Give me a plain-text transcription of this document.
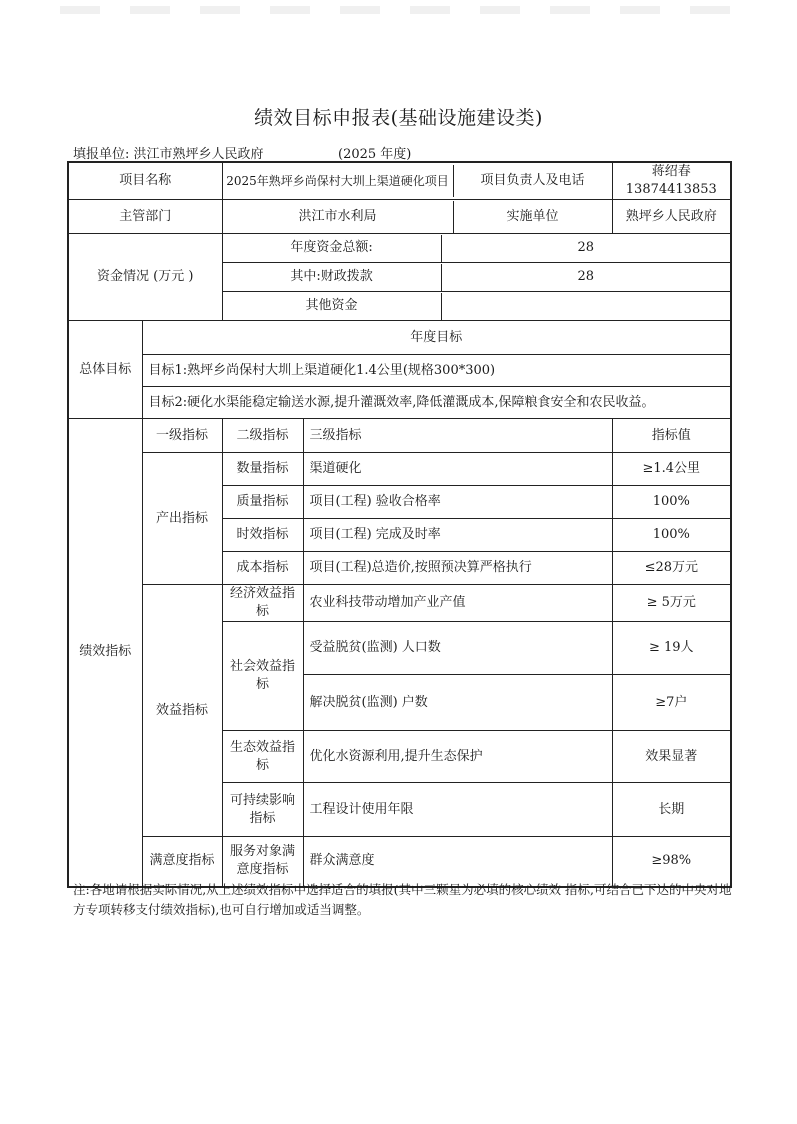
绩效目标申报表(基础设施建设类)
填报单位: 洪江市熟坪乡人民政府	(2025 年度)
项目名称		2025年熟坪乡尚保村大圳上渠道硬化项目 项目负责人及电话		蒋绍春13874413853
主管部门		洪江市水利局 实施单位		熟坪乡人民政府
资金情况 (万元 )		年度资金总额: 28		

其中:财政拨款 28		

其他资金		

总体目标	年度目标			
	目标1:熟坪乡尚保村大圳上渠道硬化1.4公里(规格300*300)			
	目标2:硬化水渠能稳定输送水源,提升灌溉效率,降低灌溉成本,保障粮食安全和农民收益。			
绩效指标	一级指标	二级指标	三级指标	指标值
	产出指标	数量指标	渠道硬化	≥1.4公里
		质量指标	项目(工程) 验收合格率	100%
		时效指标	项目(工程) 完成及时率	100%
		成本指标	项目(工程)总造价,按照预决算严格执行	≤28万元
	效益指标	经济效益指标	农业科技带动增加产业产值	≥ 5万元
		社会效益指标	受益脱贫(监测) 人口数	≥ 19人
			解决脱贫(监测) 户数	≥7户
		生态效益指标	优化水资源利用,提升生态保护	效果显著
		可持续影响指标	工程设计使用年限	长期
	满意度指标	服务对象满意度指标	群众满意度	≥98%
注:各地请根据实际情况,从上述绩效指标中选择适合的填报(其中三颗星为必填的核心绩效 指标,可结合已下达的中央对地方专项转移支付绩效指标),也可自行增加或适当调整。
